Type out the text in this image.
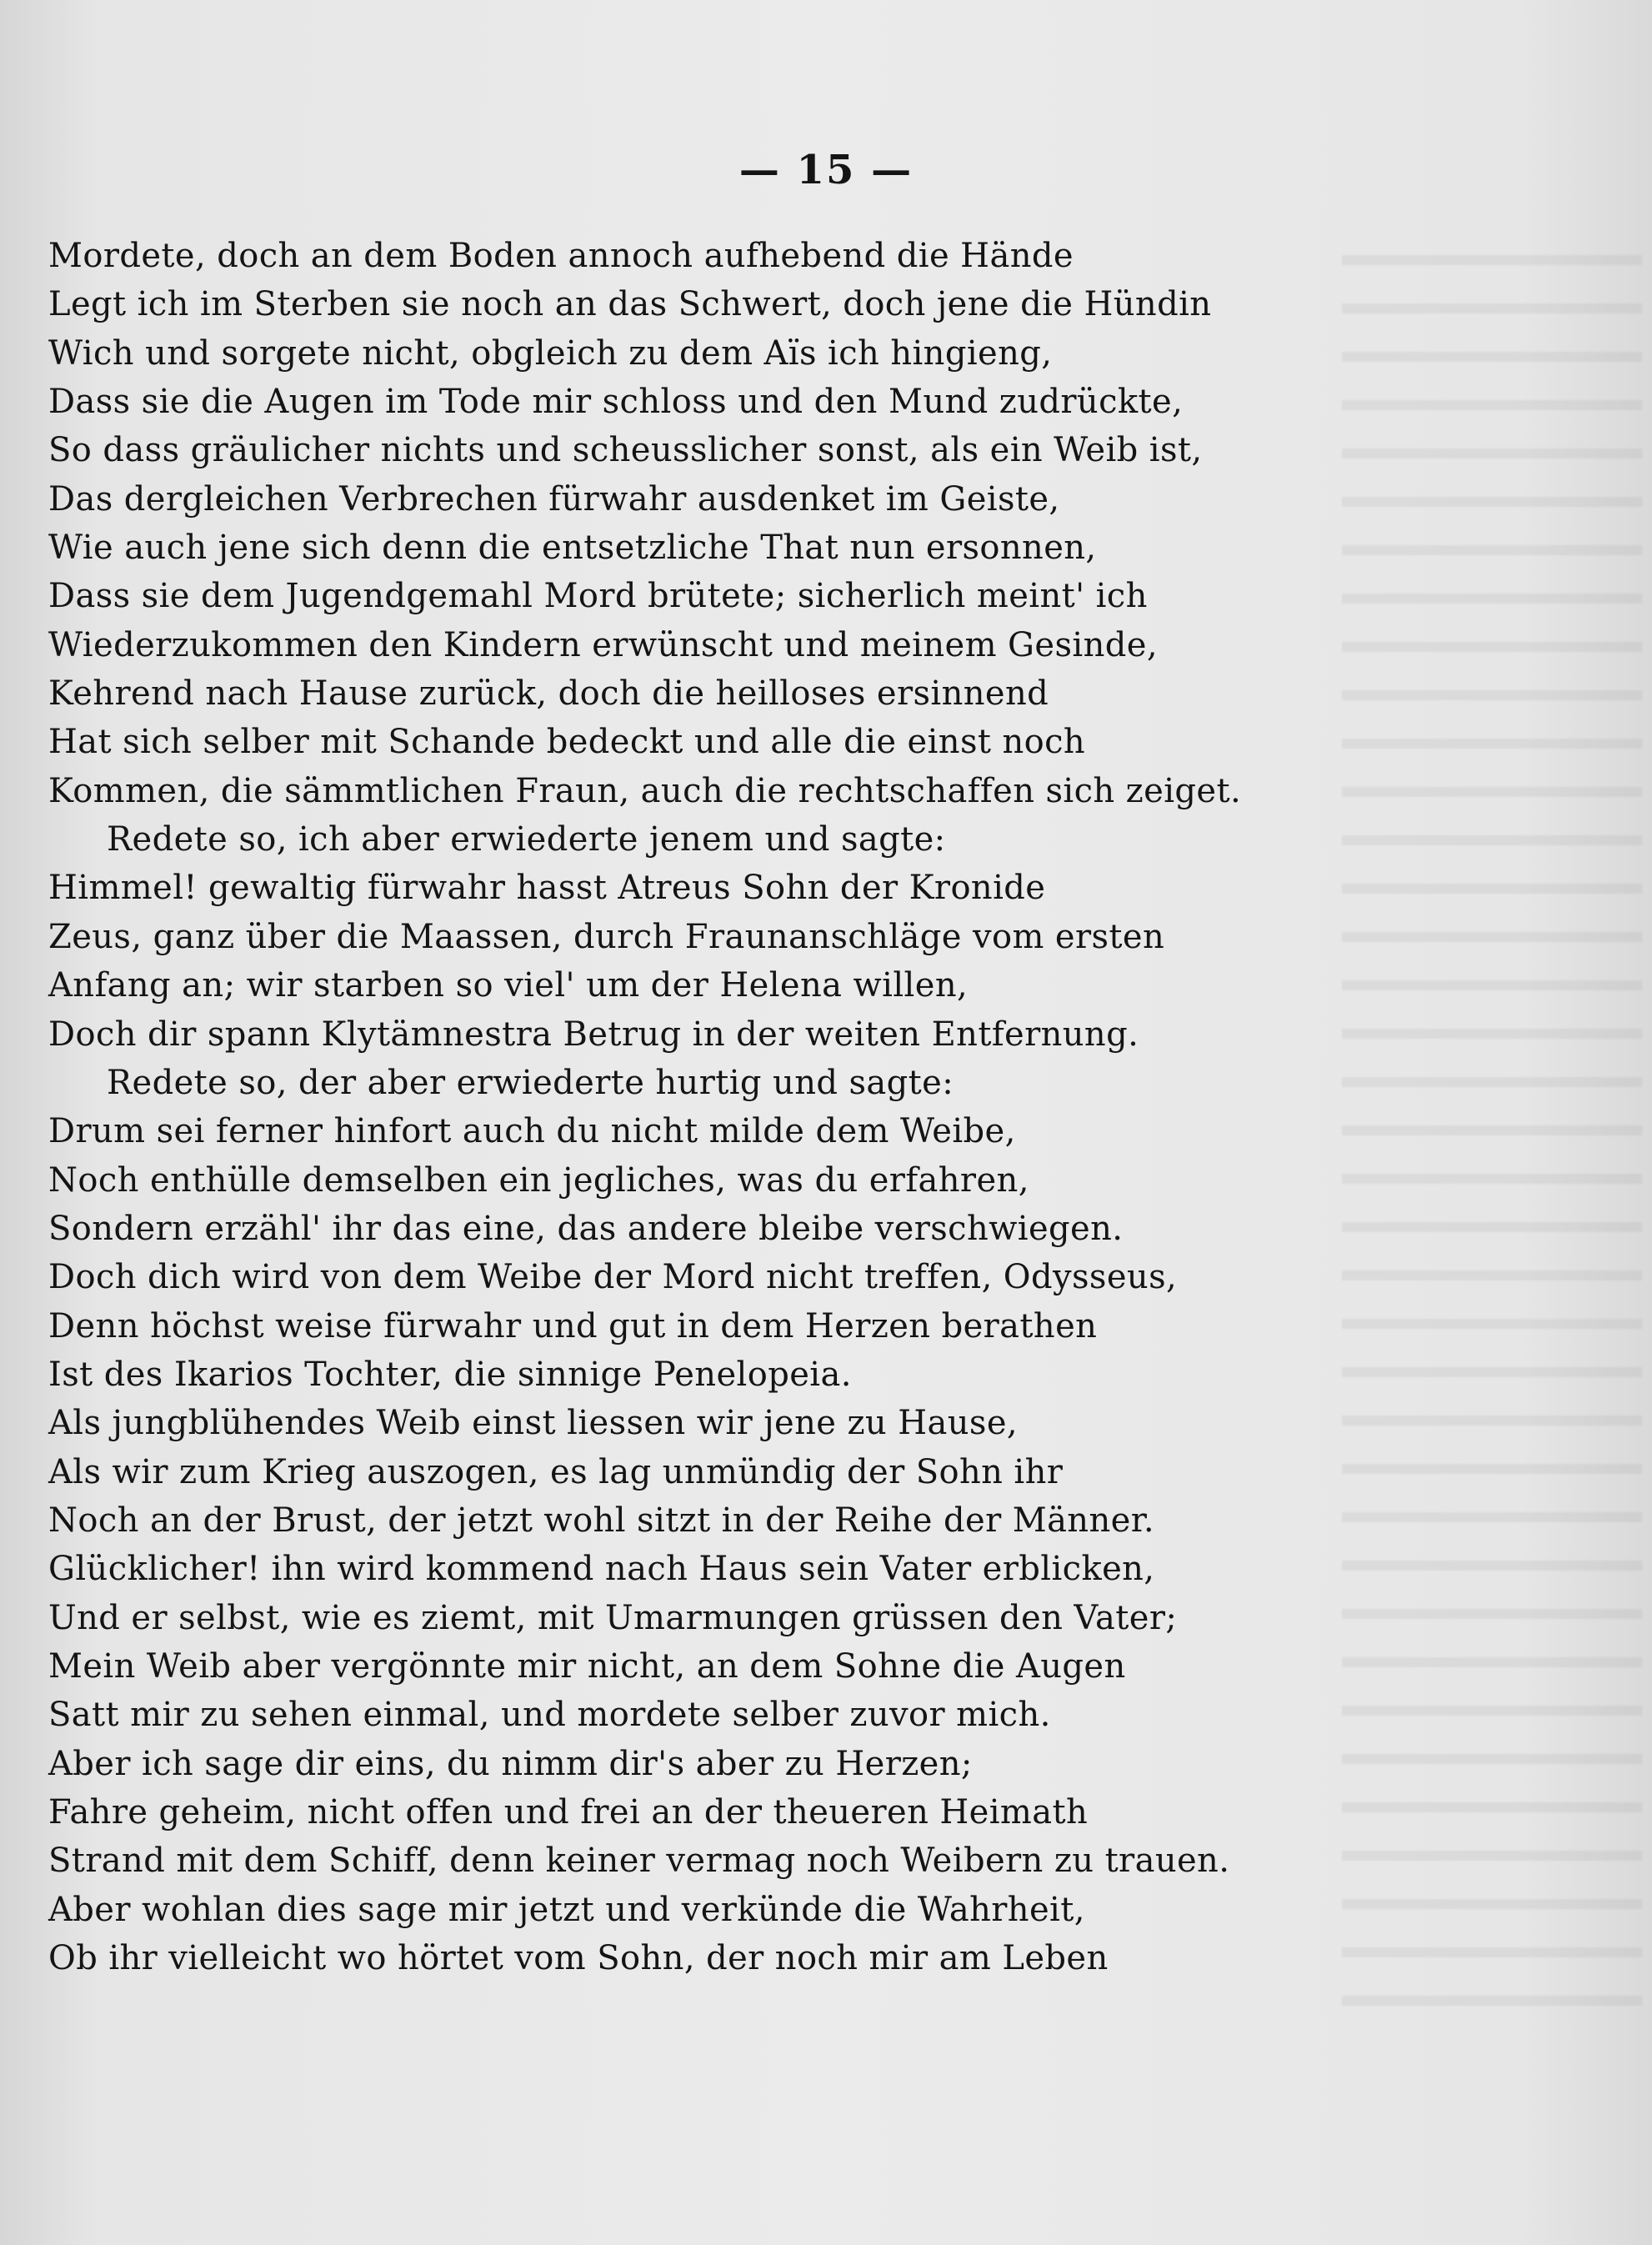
— 15 —
Mordete, doch an dem Boden annoch aufhebend die Hände
Legt ich im Sterben sie noch an das Schwert, doch jene die Hündin
Wich und sorgete nicht, obgleich zu dem Aïs ich hingieng,
Dass sie die Augen im Tode mir schloss und den Mund zudrückte,
So dass gräulicher nichts und scheusslicher sonst, als ein Weib ist,
Das dergleichen Verbrechen fürwahr ausdenket im Geiste,
Wie auch jene sich denn die entsetzliche That nun ersonnen,
Dass sie dem Jugendgemahl Mord brütete; sicherlich meint' ich
Wiederzukommen den Kindern erwünscht und meinem Gesinde,
Kehrend nach Hause zurück, doch die heilloses ersinnend
Hat sich selber mit Schande bedeckt und alle die einst noch
Kommen, die sämmtlichen Fraun, auch die rechtschaffen sich zeiget.
Redete so, ich aber erwiederte jenem und sagte:
Himmel! gewaltig fürwahr hasst Atreus Sohn der Kronide
Zeus, ganz über die Maassen, durch Fraunanschläge vom ersten
Anfang an; wir starben so viel' um der Helena willen,
Doch dir spann Klytämnestra Betrug in der weiten Entfernung.
Redete so, der aber erwiederte hurtig und sagte:
Drum sei ferner hinfort auch du nicht milde dem Weibe,
Noch enthülle demselben ein jegliches, was du erfahren,
Sondern erzähl' ihr das eine, das andere bleibe verschwiegen.
Doch dich wird von dem Weibe der Mord nicht treffen, Odysseus,
Denn höchst weise fürwahr und gut in dem Herzen berathen
Ist des Ikarios Tochter, die sinnige Penelopeia.
Als jungblühendes Weib einst liessen wir jene zu Hause,
Als wir zum Krieg auszogen, es lag unmündig der Sohn ihr
Noch an der Brust, der jetzt wohl sitzt in der Reihe der Männer.
Glücklicher! ihn wird kommend nach Haus sein Vater erblicken,
Und er selbst, wie es ziemt, mit Umarmungen grüssen den Vater;
Mein Weib aber vergönnte mir nicht, an dem Sohne die Augen
Satt mir zu sehen einmal, und mordete selber zuvor mich.
Aber ich sage dir eins, du nimm dir's aber zu Herzen;
Fahre geheim, nicht offen und frei an der theueren Heimath
Strand mit dem Schiff, denn keiner vermag noch Weibern zu trauen.
Aber wohlan dies sage mir jetzt und verkünde die Wahrheit,
Ob ihr vielleicht wo hörtet vom Sohn, der noch mir am Leben
